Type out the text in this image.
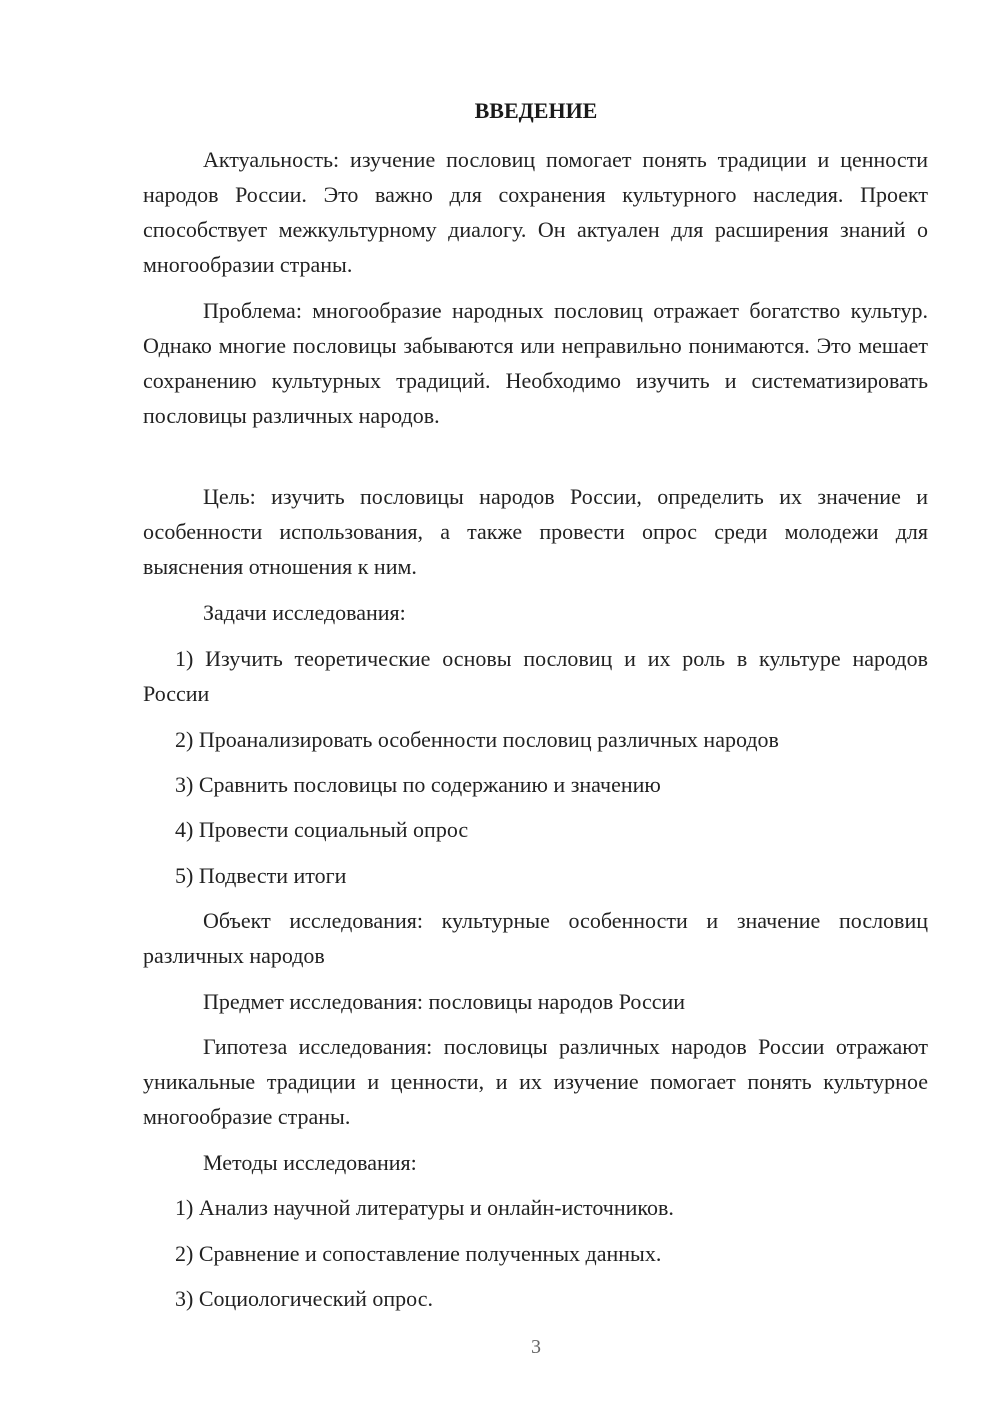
ВВЕДЕНИЕ

Актуальность: изучение пословиц помогает понять традиции и ценности народов России. Это важно для сохранения культурного наследия. Проект способствует межкультурному диалогу. Он актуален для расширения знаний о многообразии страны.

Проблема: многообразие народных пословиц отражает богатство культур. Однако многие пословицы забываются или неправильно понимаются. Это мешает сохранению культурных традиций. Необходимо изучить и систематизировать пословицы различных народов.

Цель: изучить пословицы народов России, определить их значение и особенности использования, а также провести опрос среди молодежи для выяснения отношения к ним.

Задачи исследования:

1) Изучить теоретические основы пословиц и их роль в культуре народов России

2) Проанализировать особенности пословиц различных народов

3) Сравнить пословицы по содержанию и значению

4) Провести социальный опрос

5) Подвести итоги

Объект исследования: культурные особенности и значение пословиц различных народов

Предмет исследования: пословицы народов России

Гипотеза исследования: пословицы различных народов России отражают уникальные традиции и ценности, и их изучение помогает понять культурное многообразие страны.

Методы исследования:

1) Анализ научной литературы и онлайн-источников.

2) Сравнение и сопоставление полученных данных.

3) Социологический опрос.

3
